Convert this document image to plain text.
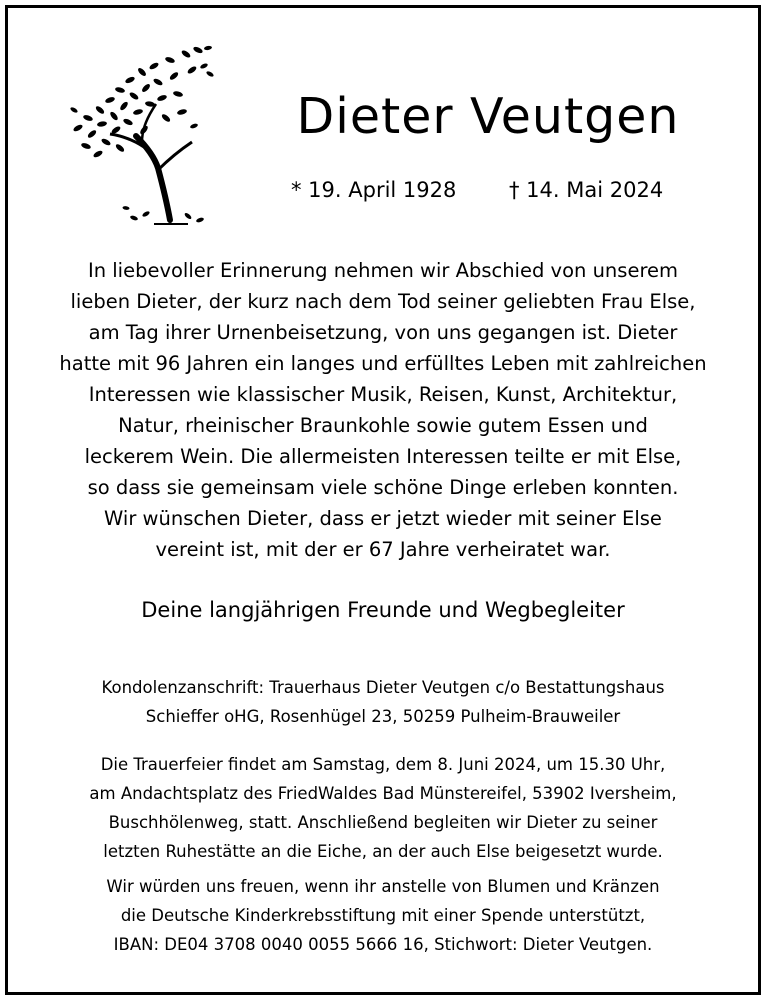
Dieter Veutgen
* 19. April 1928	† 14. Mai 2024
In liebevoller Erinnerung nehmen wir Abschied von unserem
lieben Dieter, der kurz nach dem Tod seiner geliebten Frau Else,
am Tag ihrer Urnenbeisetzung, von uns gegangen ist. Dieter
hatte mit 96 Jahren ein langes und erfülltes Leben mit zahlreichen
Interessen wie klassischer Musik, Reisen, Kunst, Architektur,
Natur, rheinischer Braunkohle sowie gutem Essen und
leckerem Wein. Die allermeisten Interessen teilte er mit Else,
so dass sie gemeinsam viele schöne Dinge erleben konnten.
Wir wünschen Dieter, dass er jetzt wieder mit seiner Else
vereint ist, mit der er 67 Jahre verheiratet war.
Deine langjährigen Freunde und Wegbegleiter
Kondolenzanschrift: Trauerhaus Dieter Veutgen c/o Bestattungshaus
Schieffer oHG, Rosenhügel 23, 50259 Pulheim-Brauweiler
Die Trauerfeier findet am Samstag, dem 8. Juni 2024, um 15.30 Uhr,
am Andachtsplatz des FriedWaldes Bad Münstereifel, 53902 Iversheim,
Buschhölenweg, statt. Anschließend begleiten wir Dieter zu seiner
letzten Ruhestätte an die Eiche, an der auch Else beigesetzt wurde.
Wir würden uns freuen, wenn ihr anstelle von Blumen und Kränzen
die Deutsche Kinderkrebsstiftung mit einer Spende unterstützt,
IBAN: DE04 3708 0040 0055 5666 16, Stichwort: Dieter Veutgen.
